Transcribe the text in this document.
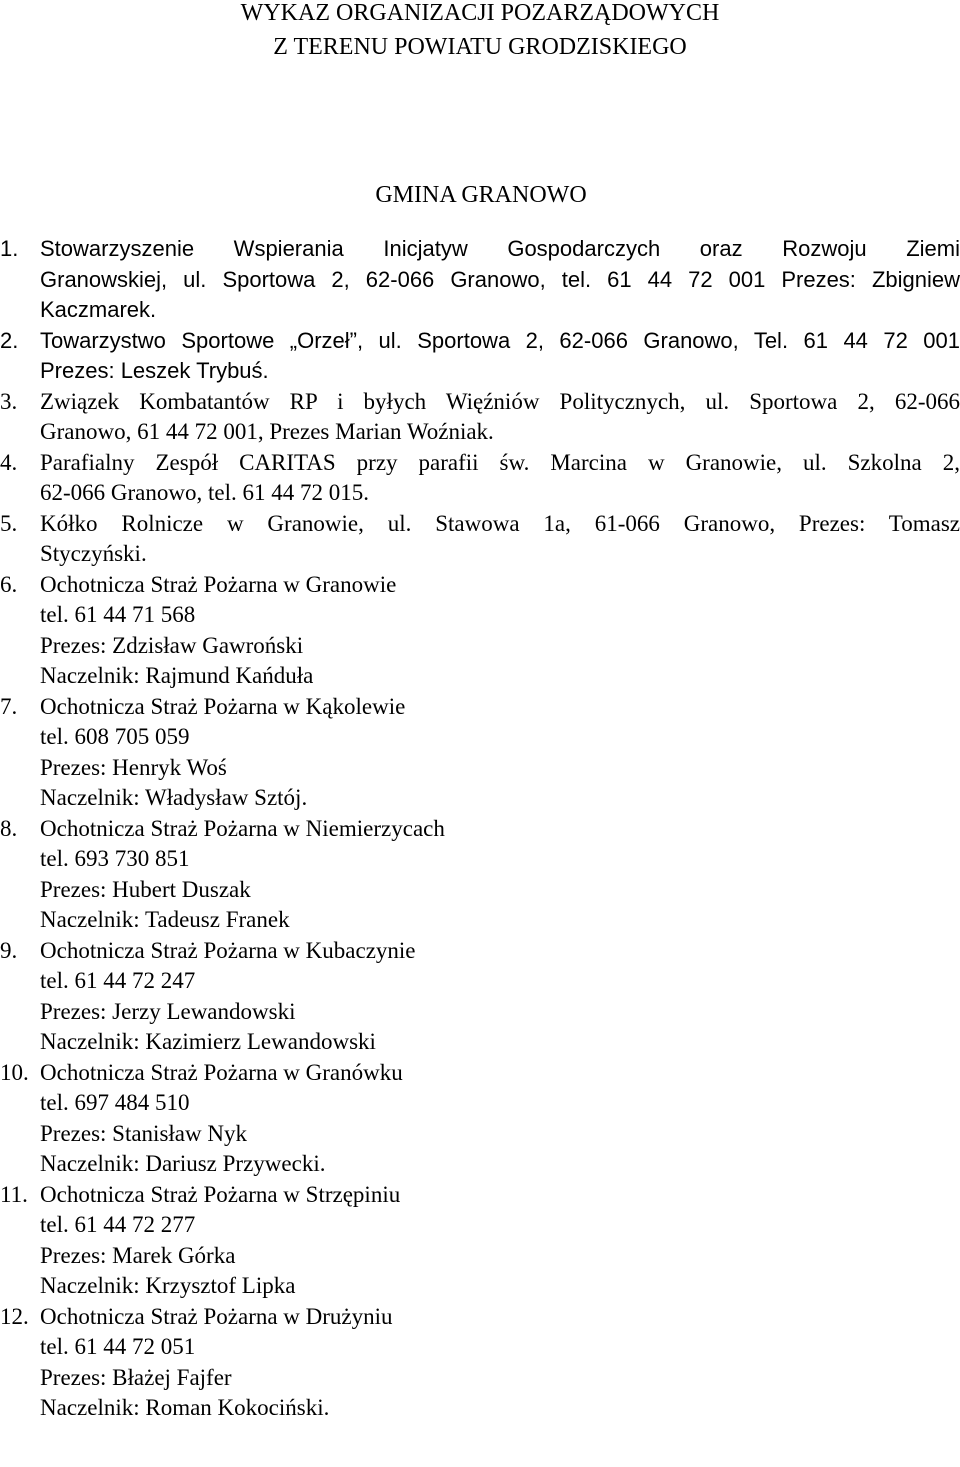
WYKAZ ORGANIZACJI POZARZĄDOWYCH
Z TERENU POWIATU GRODZISKIEGO
GMINA GRANOWO
1. Stowarzyszenie Wspierania Inicjatyw Gospodarczych oraz Rozwoju Ziemi
Granowskiej, ul. Sportowa 2, 62-066 Granowo, tel. 61 44 72 001 Prezes: Zbigniew
Kaczmarek.
2. Towarzystwo Sportowe „Orzeł”, ul. Sportowa 2, 62-066 Granowo, Tel. 61 44 72 001
Prezes: Leszek Trybuś.
3. Związek Kombatantów RP i byłych Więźniów Politycznych, ul. Sportowa 2, 62-066
Granowo, 61 44 72 001, Prezes Marian Woźniak.
4. Parafialny Zespół CARITAS przy parafii św. Marcina w Granowie, ul. Szkolna 2,
62-066 Granowo, tel. 61 44 72 015.
5. Kółko Rolnicze w Granowie, ul. Stawowa 1a, 61-066 Granowo, Prezes: Tomasz
Styczyński.
6. Ochotnicza Straż Pożarna w Granowie
tel. 61 44 71 568
Prezes: Zdzisław Gawroński
Naczelnik: Rajmund Kańduła
7. Ochotnicza Straż Pożarna w Kąkolewie
tel. 608 705 059
Prezes: Henryk Woś
Naczelnik: Władysław Sztój.
8. Ochotnicza Straż Pożarna w Niemierzycach
tel. 693 730 851
Prezes: Hubert Duszak
Naczelnik: Tadeusz Franek
9. Ochotnicza Straż Pożarna w Kubaczynie
tel. 61 44 72 247
Prezes: Jerzy Lewandowski
Naczelnik: Kazimierz Lewandowski
10. Ochotnicza Straż Pożarna w Granówku
tel. 697 484 510
Prezes: Stanisław Nyk
Naczelnik: Dariusz Przywecki.
11. Ochotnicza Straż Pożarna w Strzępiniu
tel. 61 44 72 277
Prezes: Marek Górka
Naczelnik: Krzysztof Lipka
12. Ochotnicza Straż Pożarna w Drużyniu
tel. 61 44 72 051
Prezes: Błażej Fajfer
Naczelnik: Roman Kokociński.
